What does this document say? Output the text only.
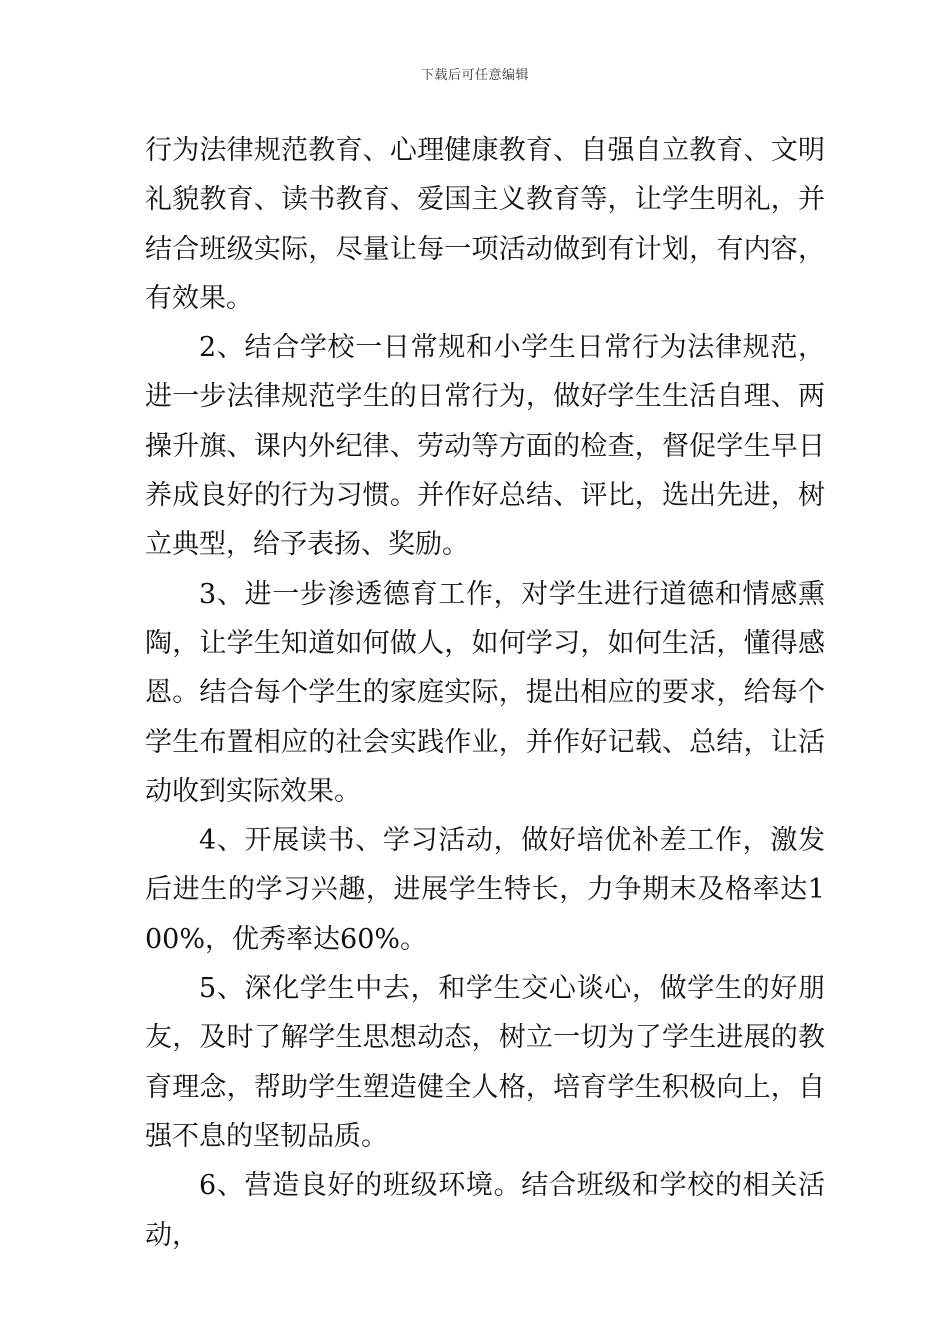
下载后可任意编辑

行为法律规范教育、心理健康教育、自强自立教育、文明礼貌教育、读书教育、爱国主义教育等，让学生明礼，并结合班级实际，尽量让每一项活动做到有计划，有内容，有效果。

2、结合学校一日常规和小学生日常行为法律规范，进一步法律规范学生的日常行为，做好学生生活自理、两操升旗、课内外纪律、劳动等方面的检查，督促学生早日养成良好的行为习惯。并作好总结、评比，选出先进，树立典型，给予表扬、奖励。

3、进一步渗透德育工作，对学生进行道德和情感熏陶，让学生知道如何做人，如何学习，如何生活，懂得感恩。结合每个学生的家庭实际，提出相应的要求，给每个学生布置相应的社会实践作业，并作好记载、总结，让活动收到实际效果。

4、开展读书、学习活动，做好培优补差工作，激发后进生的学习兴趣，进展学生特长，力争期末及格率达100%，优秀率达60%。

5、深化学生中去，和学生交心谈心，做学生的好朋友，及时了解学生思想动态，树立一切为了学生进展的教育理念，帮助学生塑造健全人格，培育学生积极向上，自强不息的坚韧品质。

6、营造良好的班级环境。结合班级和学校的相关活动，
